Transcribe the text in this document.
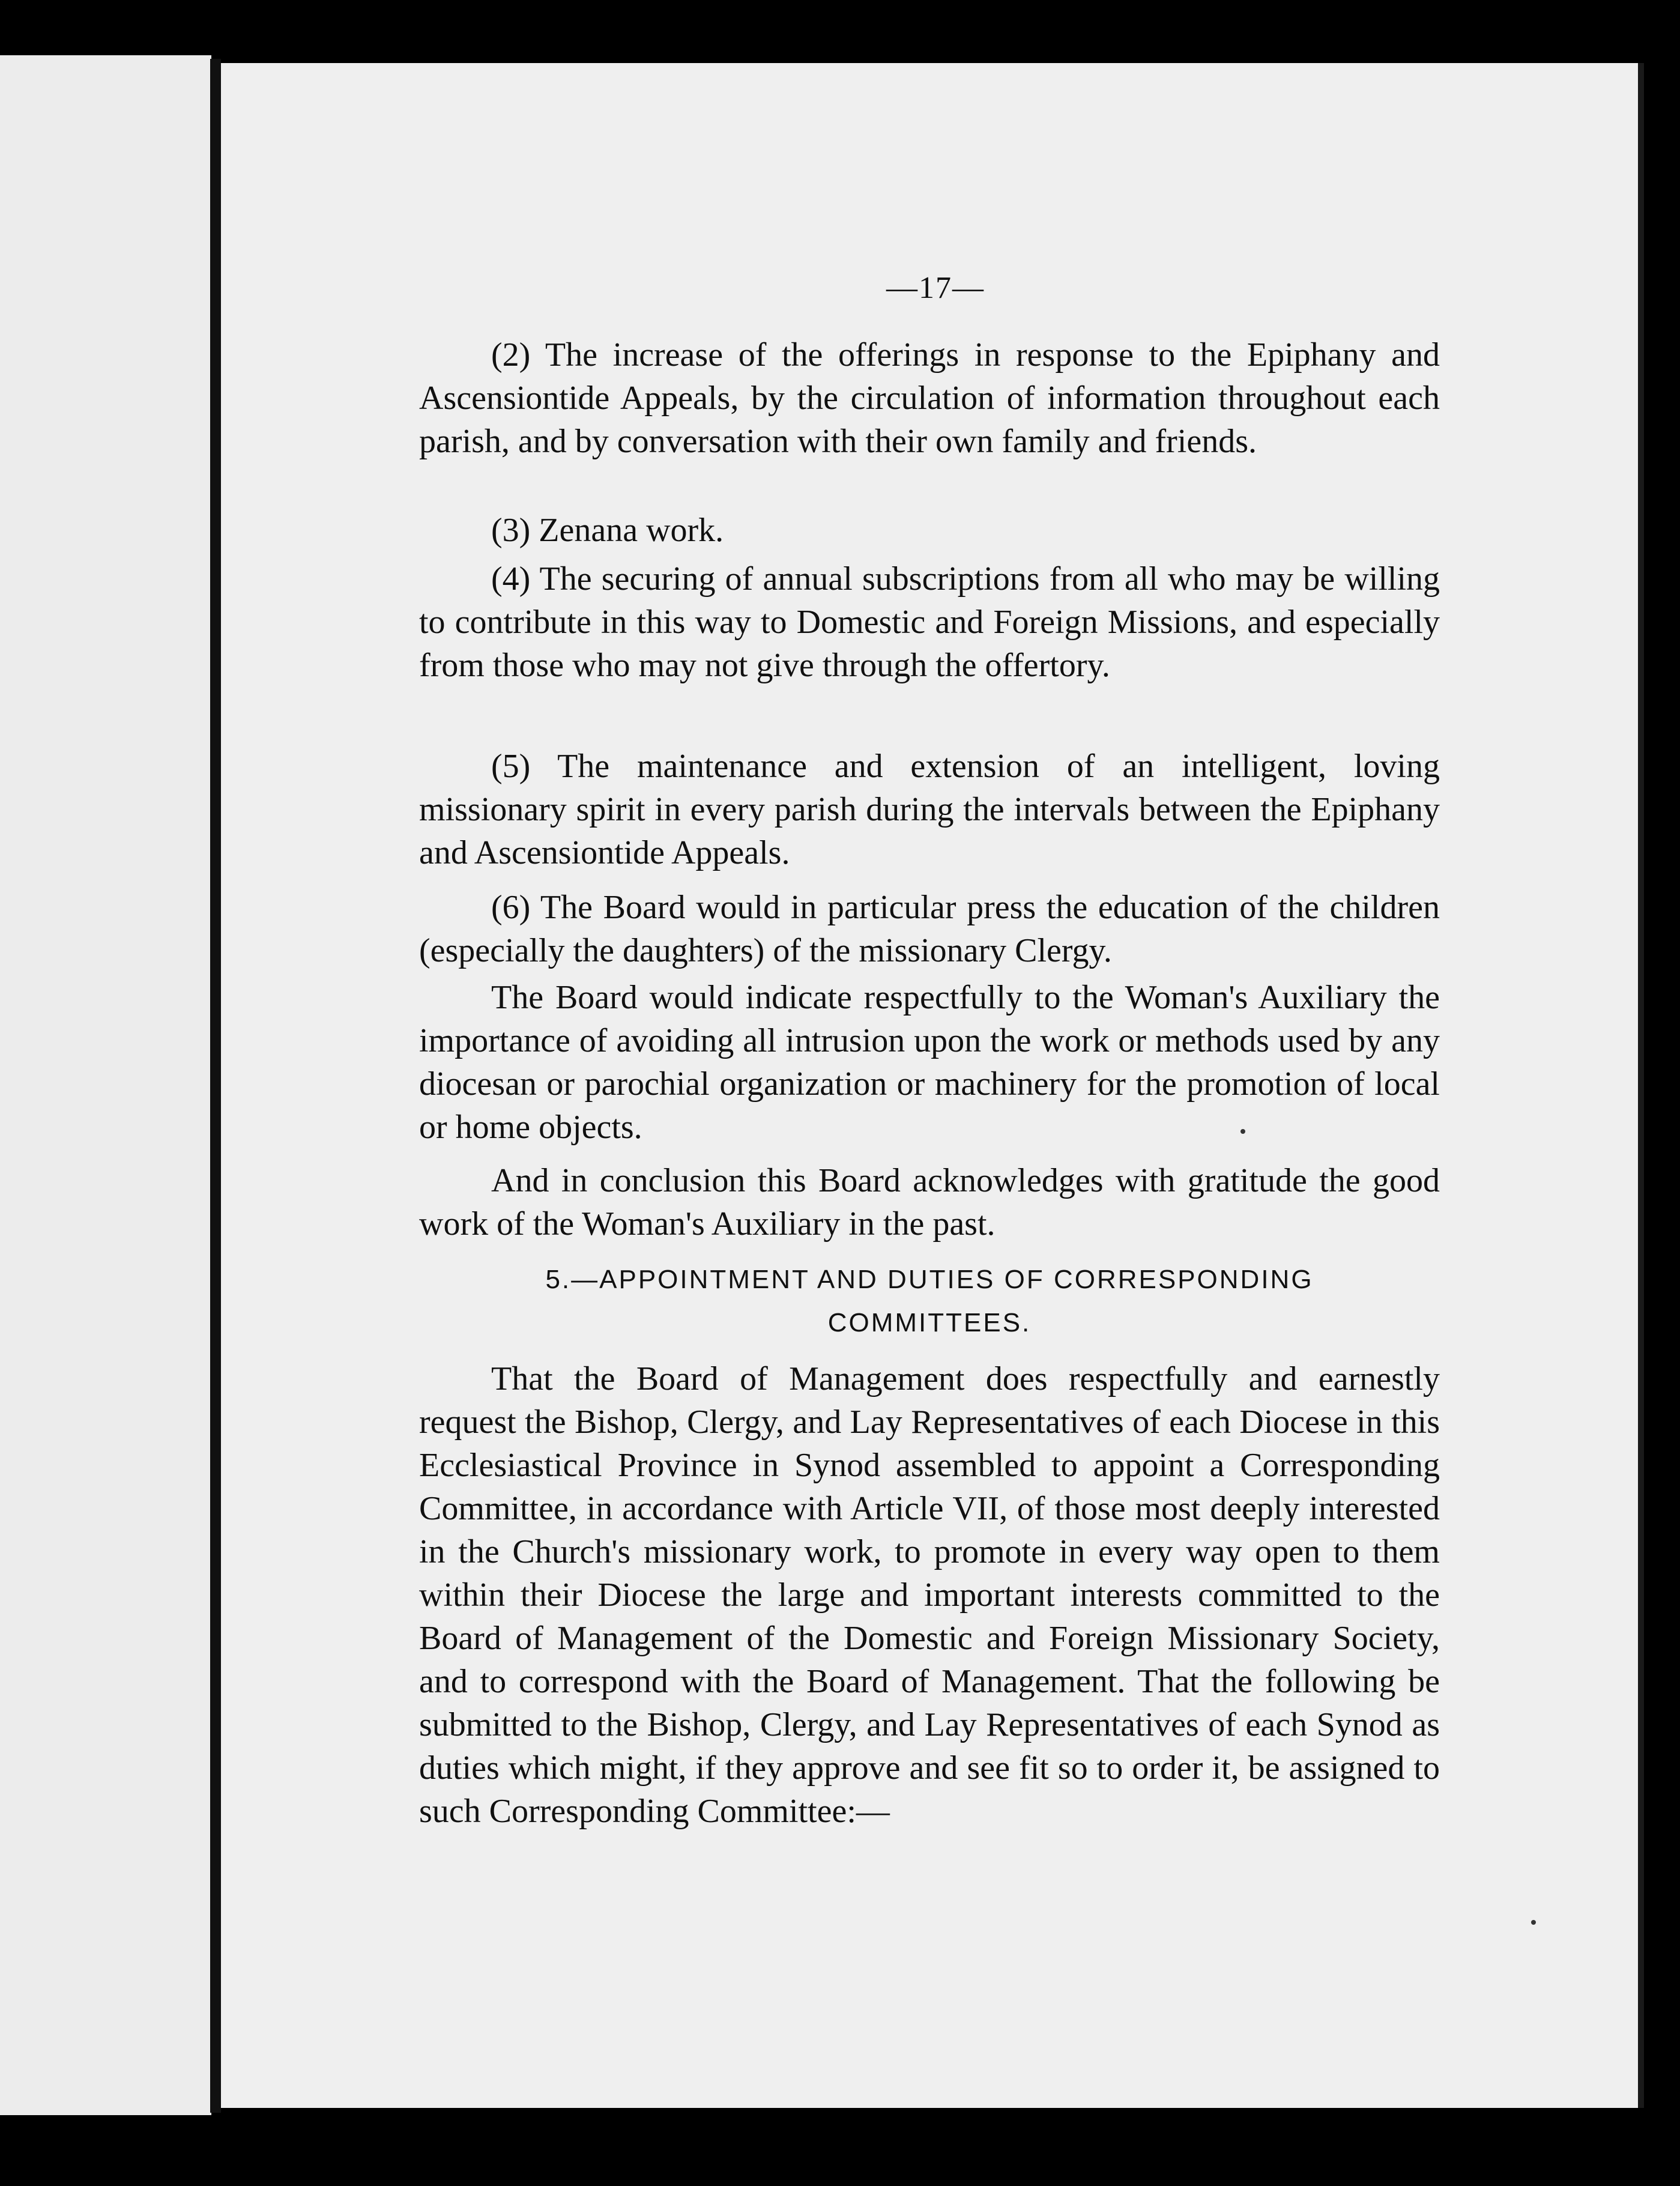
—17—

(2) The increase of the offerings in response to the Epiphany and Ascensiontide Appeals, by the circulation of information throughout each parish, and by conversation with their own family and friends.

(3) Zenana work.

(4) The securing of annual subscriptions from all who may be willing to contribute in this way to Domestic and Foreign Missions, and especially from those who may not give through the offertory.

(5) The maintenance and extension of an intelligent, loving missionary spirit in every parish during the intervals between the Epiphany and Ascensiontide Appeals.

(6) The Board would in particular press the education of the children (especially the daughters) of the missionary Clergy.

The Board would indicate respectfully to the Woman's Auxiliary the importance of avoiding all intrusion upon the work or methods used by any diocesan or parochial organization or machinery for the promotion of local or home objects.

And in conclusion this Board acknowledges with gratitude the good work of the Woman's Auxiliary in the past.

5.—APPOINTMENT AND DUTIES OF CORRESPONDING
COMMITTEES.

That the Board of Management does respectfully and earnestly request the Bishop, Clergy, and Lay Representatives of each Diocese in this Ecclesiastical Province in Synod assembled to appoint a Corresponding Committee, in accordance with Article VII, of those most deeply interested in the Church's missionary work, to promote in every way open to them within their Diocese the large and important interests committed to the Board of Management of the Domestic and Foreign Missionary Society, and to correspond with the Board of Management. That the following be submitted to the Bishop, Clergy, and Lay Representatives of each Synod as duties which might, if they approve and see fit so to order it, be assigned to such Corresponding Committee:—
